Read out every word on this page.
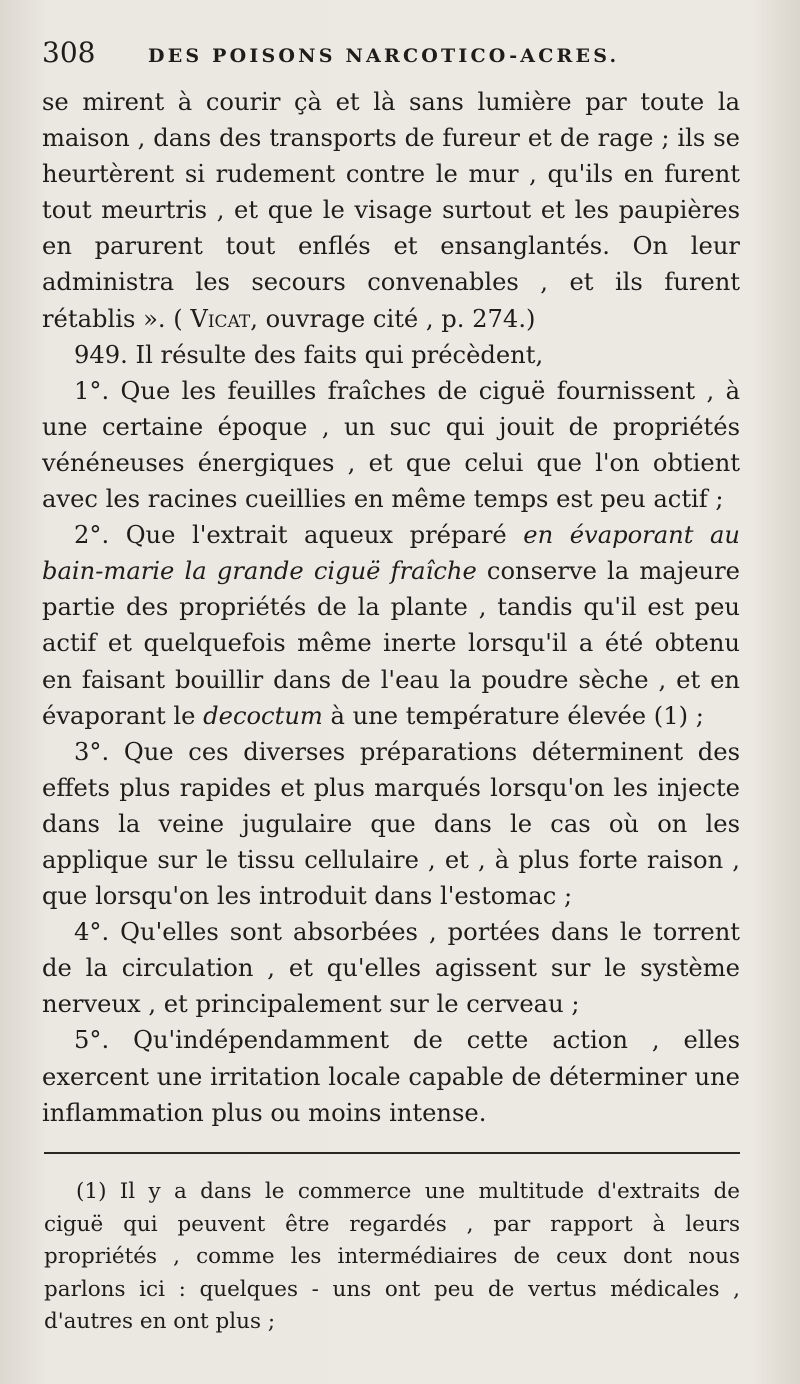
308	DES POISONS NARCOTICO-ACRES.

se mirent à courir çà et là sans lumière par toute la maison , dans des transports de fureur et de rage ; ils se heurtèrent si rudement contre le mur , qu'ils en furent tout meurtris , et que le visage surtout et les paupières en parurent tout enflés et ensanglantés. On leur administra les secours convenables , et ils furent rétablis ». ( Vicat, ouvrage cité , p. 274.)

949. Il résulte des faits qui précèdent,

1°. Que les feuilles fraîches de ciguë fournissent , à une certaine époque , un suc qui jouit de propriétés vénéneuses énergiques , et que celui que l'on obtient avec les racines cueillies en même temps est peu actif ;

2°. Que l'extrait aqueux préparé en évaporant au bain-marie la grande ciguë fraîche conserve la majeure partie des propriétés de la plante , tandis qu'il est peu actif et quelquefois même inerte lorsqu'il a été obtenu en faisant bouillir dans de l'eau la poudre sèche , et en évaporant le decoctum à une température élevée (1) ;

3°. Que ces diverses préparations déterminent des effets plus rapides et plus marqués lorsqu'on les injecte dans la veine jugulaire que dans le cas où on les applique sur le tissu cellulaire , et , à plus forte raison , que lorsqu'on les introduit dans l'estomac ;

4°. Qu'elles sont absorbées , portées dans le torrent de la circulation , et qu'elles agissent sur le système nerveux , et principalement sur le cerveau ;

5°. Qu'indépendamment de cette action , elles exercent une irritation locale capable de déterminer une inflammation plus ou moins intense.

(1) Il y a dans le commerce une multitude d'extraits de ciguë qui peuvent être regardés , par rapport à leurs propriétés , comme les intermédiaires de ceux dont nous parlons ici : quelques - uns ont peu de vertus médicales , d'autres en ont plus ;
